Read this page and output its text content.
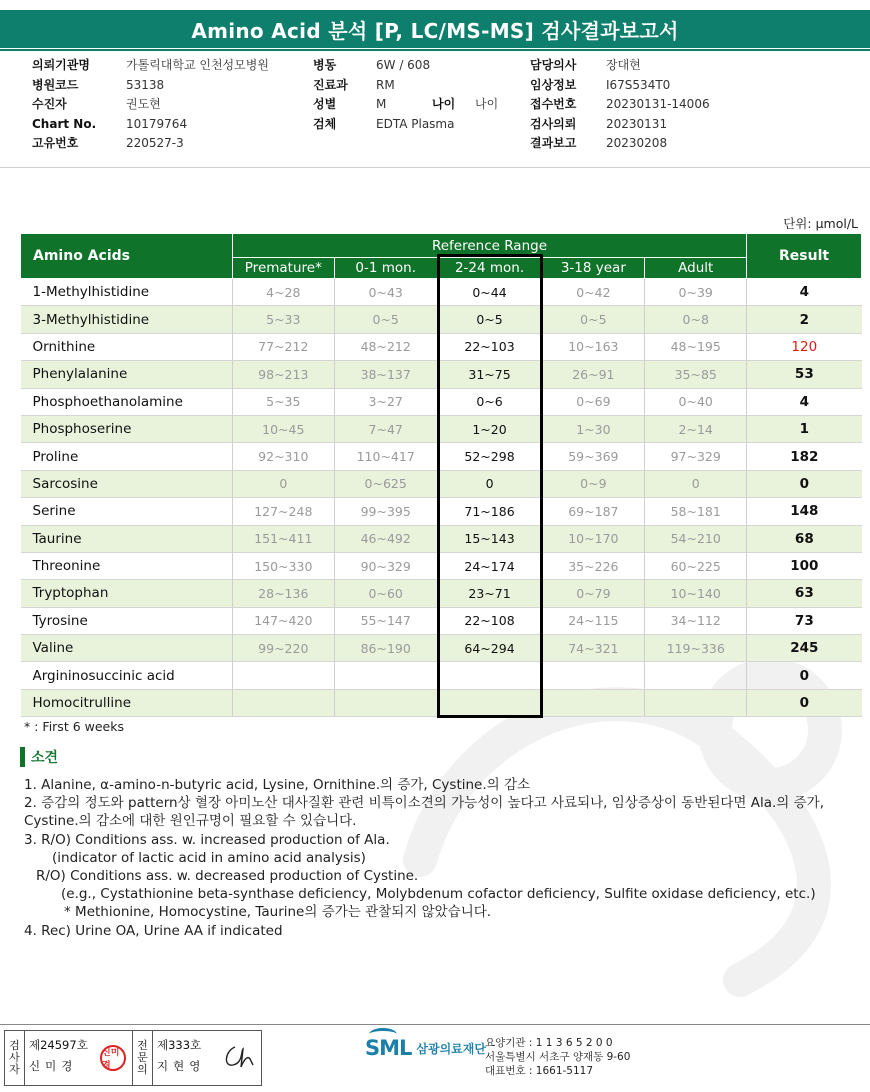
Amino Acid 분석 [P, LC/MS-MS] 검사결과보고서
의뢰기관명	가톨릭대학교 인천성모병원
병원코드	53138
수진자	권도현
Chart No.	10179764
고유번호	220527-3
병동	6W / 608
진료과	RM
성별	M	나이	나이
검체	EDTA Plasma
담당의사	장대현
임상정보	I67S534T0
접수번호	20230131-14006
검사의뢰	20230131
결과보고	20230208
단위: μmol/L
Amino Acids	Reference Range					Result
	Premature*	0-1 mon.	2-24 mon.	3-18 year	Adult	
1-Methylhistidine	4~28	0~43	0~44	0~42	0~39	4
3-Methylhistidine	5~33	0~5	0~5	0~5	0~8	2
Ornithine	77~212	48~212	22~103	10~163	48~195	120
Phenylalanine	98~213	38~137	31~75	26~91	35~85	53
Phosphoethanolamine	5~35	3~27	0~6	0~69	0~40	4
Phosphoserine	10~45	7~47	1~20	1~30	2~14	1
Proline	92~310	110~417	52~298	59~369	97~329	182
Sarcosine	0	0~625	0	0~9	0	0
Serine	127~248	99~395	71~186	69~187	58~181	148
Taurine	151~411	46~492	15~143	10~170	54~210	68
Threonine	150~330	90~329	24~174	35~226	60~225	100
Tryptophan	28~136	0~60	23~71	0~79	10~140	63
Tyrosine	147~420	55~147	22~108	24~115	34~112	73
Valine	99~220	86~190	64~294	74~321	119~336	245
Argininosuccinic acid						0
Homocitrulline						0
* : First 6 weeks
소견
1. Alanine, α-amino-n-butyric acid, Lysine, Ornithine.의 증가, Cystine.의 감소
2. 증감의 정도와 pattern상 혈장 아미노산 대사질환 관련 비특이소견의 가능성이 높다고 사료되나, 임상증상이 동반된다면 Ala.의 증가,
Cystine.의 감소에 대한 원인규명이 필요할 수 있습니다.
3. R/O) Conditions ass. w. increased production of Ala.
(indicator of lactic acid in amino acid analysis)
R/O) Conditions ass. w. decreased production of Cystine.
(e.g., Cystathionine beta-synthase deficiency, Molybdenum cofactor deficiency, Sulfite oxidase deficiency, etc.)
* Methionine, Homocystine, Taurine의 증가는 관찰되지 않았습니다.
4. Rec) Urine OA, Urine AA if indicated
검
사
자
제24597호
신미경
신미경
전
문
의
제333호
지현영
SML 삼광의료재단 요양기관 : 1 1 3 6 5 2 0 0
서울특별시 서초구 양재동 9-60
대표번호 : 1661-5117
